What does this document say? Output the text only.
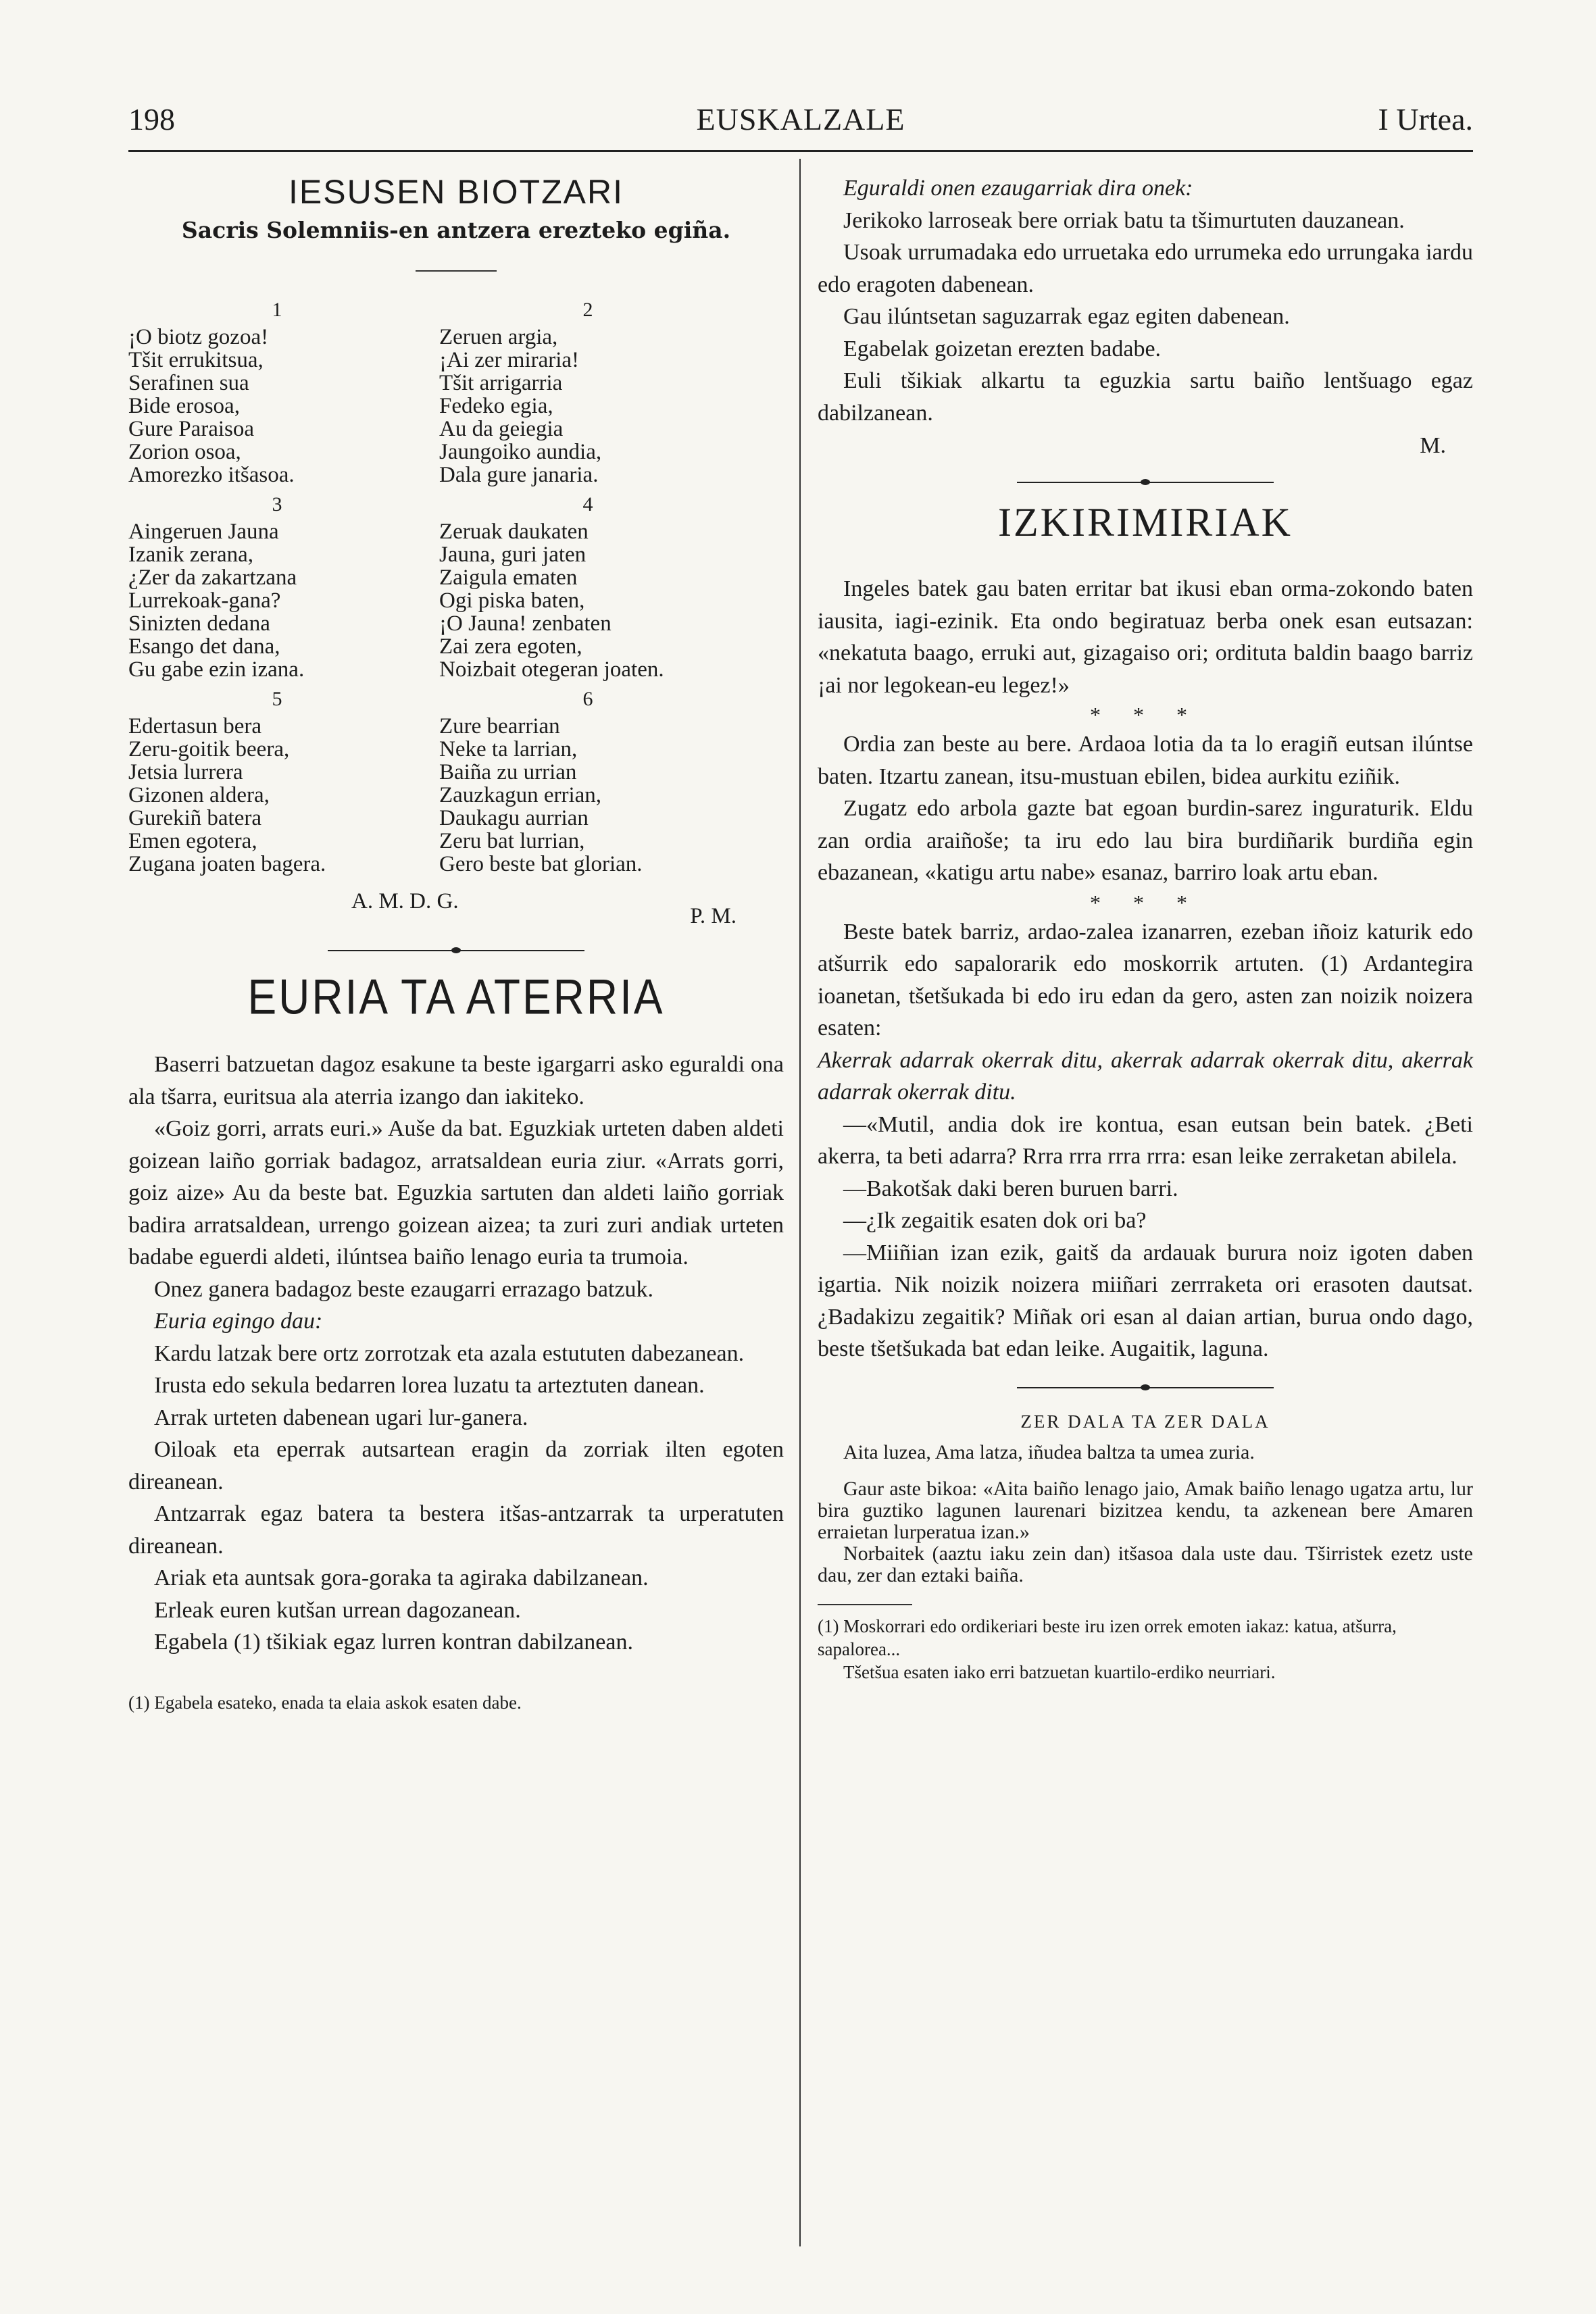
198	EUSKALZALE	I Urtea.
IESUSEN BIOTZARI
Sacris Solemniis-en antzera erezteko egiña.
1
¡O biotz gozoa!
Tšit errukitsua,
Serafinen sua
Bide erosoa,
Gure Paraisoa
Zorion osoa,
Amorezko itšasoa.
3
Aingeruen Jauna
Izanik zerana,
¿Zer da zakartzana
Lurrekoak-gana?
Sinizten dedana
Esango det dana,
Gu gabe ezin izana.
5
Edertasun bera
Zeru-goitik beera,
Jetsia lurrera
Gizonen aldera,
Gurekiñ batera
Emen egotera,
Zugana joaten bagera.
2
Zeruen argia,
¡Ai zer miraria!
Tšit arrigarria
Fedeko egia,
Au da geiegia
Jaungoiko aundia,
Dala gure janaria.
4
Zeruak daukaten
Jauna, guri jaten
Zaigula ematen
Ogi piska baten,
¡O Jauna! zenbaten
Zai zera egoten,
Noizbait otegeran joaten.
6
Zure bearrian
Neke ta larrian,
Baiña zu urrian
Zauzkagun errian,
Daukagu aurrian
Zeru bat lurrian,
Gero beste bat glorian.
A. M. D. G.
P. M.
EURIA TA ATERRIA

Baserri batzuetan dagoz esakune ta beste igargarri asko eguraldi ona ala tšarra, euritsua ala aterria izango dan iakiteko.

«Goiz gorri, arrats euri.» Auše da bat. Eguzkiak urteten daben aldeti goizean laiño gorriak badagoz, arratsaldean euria ziur. «Arrats gorri, goiz aize» Au da beste bat. Eguzkia sartuten dan aldeti laiño gorriak badira arratsaldean, urrengo goizean aizea; ta zuri zuri andiak urteten badabe eguerdi aldeti, ilúntsea baiño lenago euria ta trumoia.

Onez ganera badagoz beste ezaugarri errazago batzuk.

Euria egingo dau:

Kardu latzak bere ortz zorrotzak eta azala estututen dabezanean.

Irusta edo sekula bedarren lorea luzatu ta arteztuten danean.

Arrak urteten dabenean ugari lur-ganera.

Oiloak eta eperrak autsartean eragin da zorriak ilten egoten direanean.

Antzarrak egaz batera ta bestera itšas-antzarrak ta urperatuten direanean.

Ariak eta auntsak gora-goraka ta agiraka dabilzanean.

Erleak euren kutšan urrean dagozanean.

Egabela (1) tšikiak egaz lurren kontran dabilzanean.

(1) Egabela esateko, enada ta elaia askok esaten dabe.

Eguraldi onen ezaugarriak dira onek:

Jerikoko larroseak bere orriak batu ta tšimurtuten dauzanean.

Usoak urrumadaka edo urruetaka edo urrumeka edo urrungaka iardu edo eragoten dabenean.

Gau ilúntsetan saguzarrak egaz egiten dabenean.

Egabelak goizetan erezten badabe.

Euli tšikiak alkartu ta eguzkia sartu baiño lentšuago egaz dabilzanean.

M.
IZKIRIMIRIAK

Ingeles batek gau baten erritar bat ikusi eban orma-zokondo baten iausita, iagi-ezinik. Eta ondo begiratuaz berba onek esan eutsazan: «nekatuta baago, erruki aut, gizagaiso ori; ordituta baldin baago barriz ¡ai nor legokean-eu legez!»

* * *

Ordia zan beste au bere. Ardaoa lotia da ta lo eragiñ eutsan ilúntse baten. Itzartu zanean, itsu-mustuan ebilen, bidea aurkitu eziñik.

Zugatz edo arbola gazte bat egoan burdin-sarez inguraturik. Eldu zan ordia araiñoše; ta iru edo lau bira burdiñarik burdiña egin ebazanean, «katigu artu nabe» esanaz, barriro loak artu eban.

* * *

Beste batek barriz, ardao-zalea izanarren, ezeban iñoiz katurik edo atšurrik edo sapalorarik edo moskorrik artuten. (1) Ardantegira ioanetan, tšetšukada bi edo iru edan da gero, asten zan noizik noizera esaten:

Akerrak adarrak okerrak ditu, akerrak adarrak okerrak ditu, akerrak adarrak okerrak ditu.

—«Mutil, andia dok ire kontua, esan eutsan bein batek. ¿Beti akerra, ta beti adarra? Rrra rrra rrra rrra: esan leike zerraketan abilela.

—Bakotšak daki beren buruen barri.

—¿Ik zegaitik esaten dok ori ba?

—Miiñian izan ezik, gaitš da ardauak burura noiz igoten daben igartia. Nik noizik noizera miiñari zerrraketa ori erasoten dautsat. ¿Badakizu zegaitik? Miñak ori esan al daian artian, burua ondo dago, beste tšetšukada bat edan leike. Augaitik, laguna.

ZER DALA TA ZER DALA
Aita luzea, Ama latza, iñudea baltza ta umea zuria.
Gaur aste bikoa: «Aita baiño lenago jaio, Amak baiño lenago ugatza artu, lur bira guztiko lagunen laurenari bizitzea kendu, ta azkenean bere Amaren erraietan lurperatua izan.»
Norbaitek (aaztu iaku zein dan) itšasoa dala uste dau. Tširristek ezetz uste dau, zer dan eztaki baiña.
(1) Moskorrari edo ordikeriari beste iru izen orrek emoten iakaz: katua, atšurra, sapalorea...
Tšetšua esaten iako erri batzuetan kuartilo-erdiko neurriari.
